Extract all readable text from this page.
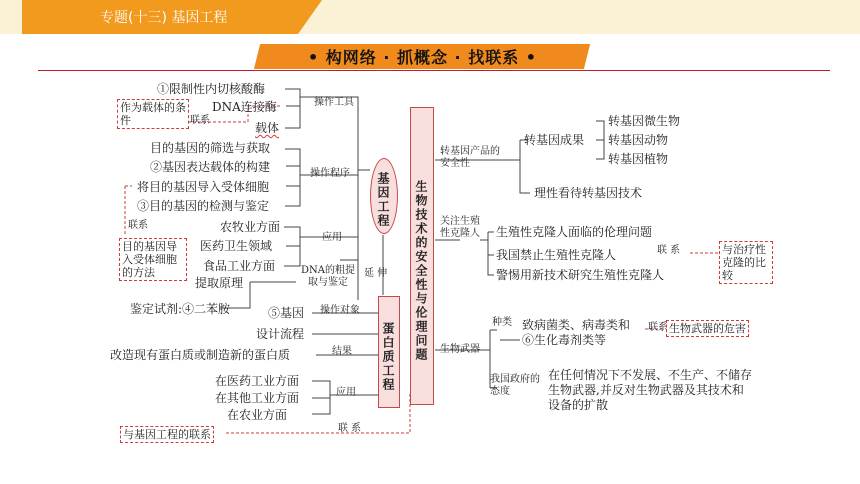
专题(十三) 基因工程
• 构网络 · 抓概念 · 找联系 •
①限制性内切核酸酶
DNA连接酶
载体
操作工具
作为载体的条件	联系
目的基因的筛选与获取
②基因表达载体的构建
将目的基因导入受体细胞
③目的基因的检测与鉴定
操作程序
联系
目的基因导入受体细胞的方法
农牧业方面
医药卫生领域
食品工业方面
应用
提取原理
DNA的粗提取与鉴定
鉴定试剂:④二苯胺
基因工程
延 伸
蛋白质工程
⑤基因 操作对象
设计流程
改造现有蛋白质或制造新的蛋白质	结果
在医药工业方面
在其他工业方面
在农业方面
应用
与基因工程的联系	联 系
生物技术的安全性与伦理问题
转基因产品的安全性
转基因成果
转基因微生物
转基因动物
转基因植物
理性看待转基因技术
关注生殖性克隆人	生殖性克隆人面临的伦理问题
我国禁止生殖性克隆人
警惕用新技术研究生殖性克隆人
联 系	与治疗性克隆的比较
生物武器
种类 致病菌类、病毒类和
⑥生化毒剂类等
联系 生物武器的危害
我国政府的态度
在任何情况下不发展、不生产、不储存
生物武器,并反对生物武器及其技术和
设备的扩散
